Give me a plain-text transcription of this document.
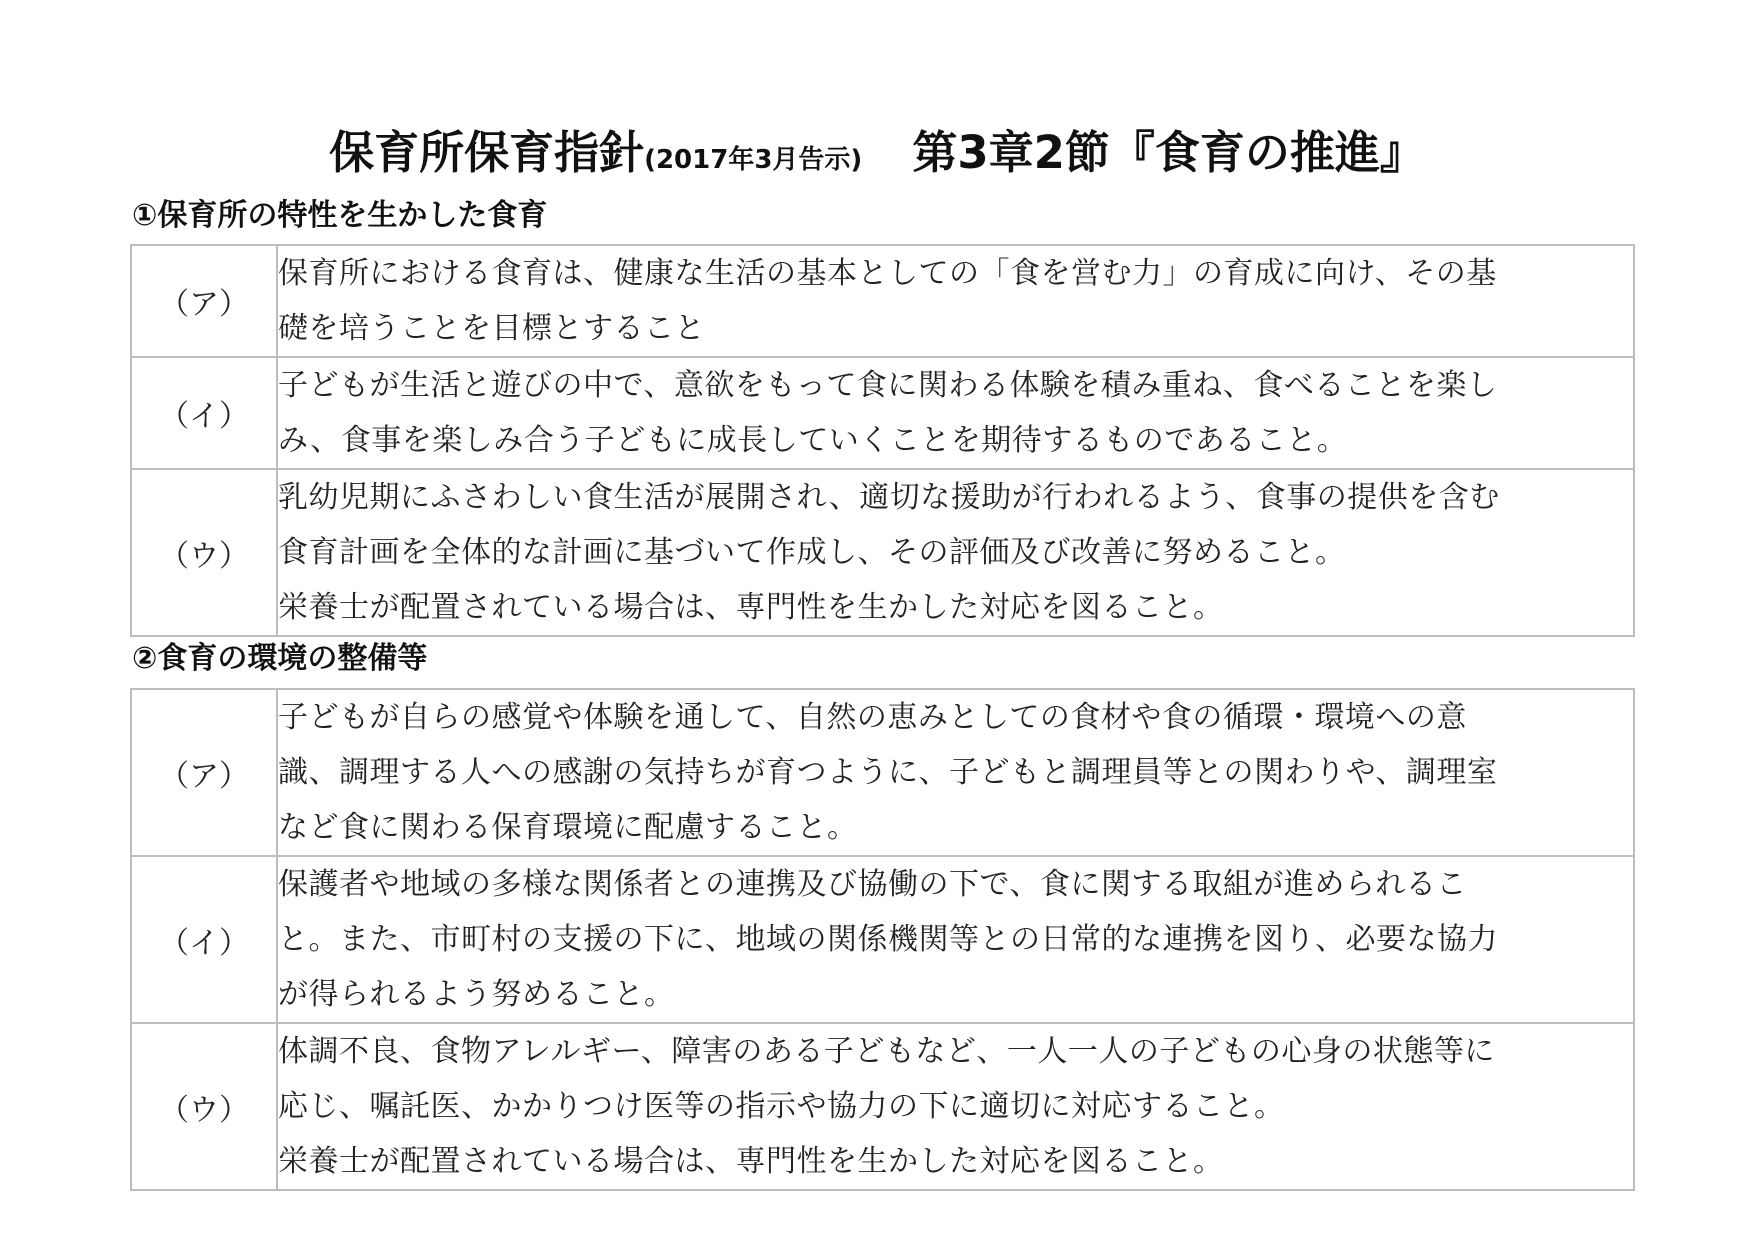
保育所保育指針(2017年3月告示) 第3章2節『食育の推進』
①保育所の特性を生かした食育
（ア）	保育所における食育は、健康な生活の基本としての「食を営む力」の育成に向け、その基

礎を培うことを目標とすること

（イ）	子どもが生活と遊びの中で、意欲をもって食に関わる体験を積み重ね、食べることを楽し

み、食事を楽しみ合う子どもに成長していくことを期待するものであること。

（ウ）	乳幼児期にふさわしい食生活が展開され、適切な援助が行われるよう、食事の提供を含む

食育計画を全体的な計画に基づいて作成し、その評価及び改善に努めること。

栄養士が配置されている場合は、専門性を生かした対応を図ること。

②食育の環境の整備等
（ア）	子どもが自らの感覚や体験を通して、自然の恵みとしての食材や食の循環・環境への意

識、調理する人への感謝の気持ちが育つように、子どもと調理員等との関わりや、調理室

など食に関わる保育環境に配慮すること。

（イ）	保護者や地域の多様な関係者との連携及び協働の下で、食に関する取組が進められるこ

と。また、市町村の支援の下に、地域の関係機関等との日常的な連携を図り、必要な協力

が得られるよう努めること。

（ウ）	体調不良、食物アレルギー、障害のある子どもなど、一人一人の子どもの心身の状態等に

応じ、嘱託医、かかりつけ医等の指示や協力の下に適切に対応すること。

栄養士が配置されている場合は、専門性を生かした対応を図ること。
